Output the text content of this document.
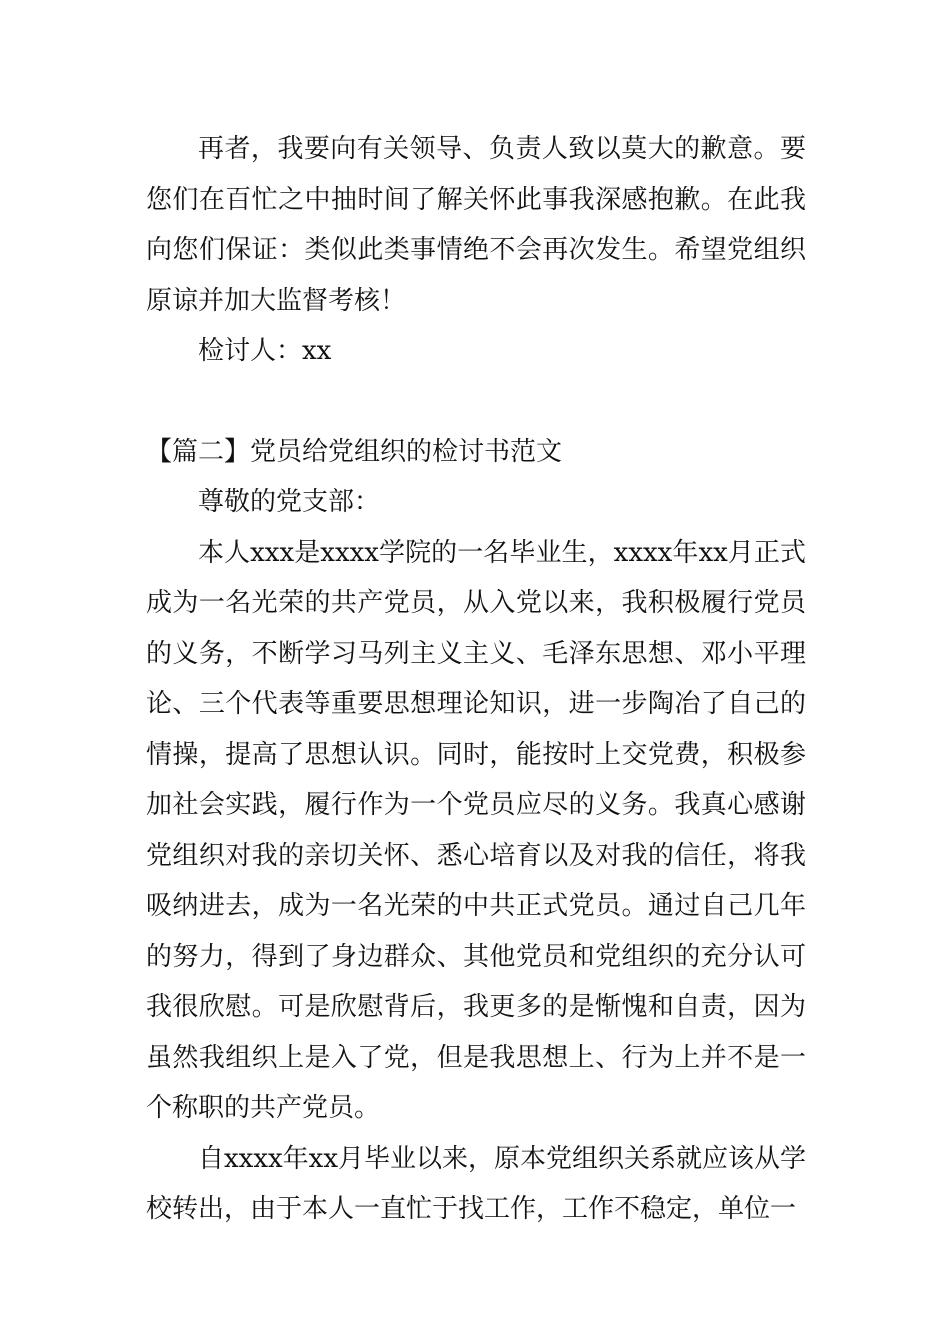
再者，我要向有关领导、负责人致以莫大的歉意。要您们在百忙之中抽时间了解关怀此事我深感抱歉。在此我向您们保证：类似此类事情绝不会再次发生。希望党组织原谅并加大监督考核！

检讨人：xx

【篇二】党员给党组织的检讨书范文

尊敬的党支部：

本人xxx是xxxx学院的一名毕业生，xxxx年xx月正式成为一名光荣的共产党员，从入党以来，我积极履行党员的义务，不断学习马列主义主义、毛泽东思想、邓小平理论、三个代表等重要思想理论知识，进一步陶冶了自己的情操，提高了思想认识。同时，能按时上交党费，积极参加社会实践，履行作为一个党员应尽的义务。我真心感谢党组织对我的亲切关怀、悉心培育以及对我的信任，将我吸纳进去，成为一名光荣的中共正式党员。通过自己几年的努力，得到了身边群众、其他党员和党组织的充分认可我很欣慰。可是欣慰背后，我更多的是惭愧和自责，因为虽然我组织上是入了党，但是我思想上、行为上并不是一个称职的共产党员。

自xxxx年xx月毕业以来，原本党组织关系就应该从学校转出，由于本人一直忙于找工作，工作不稳定，单位一
